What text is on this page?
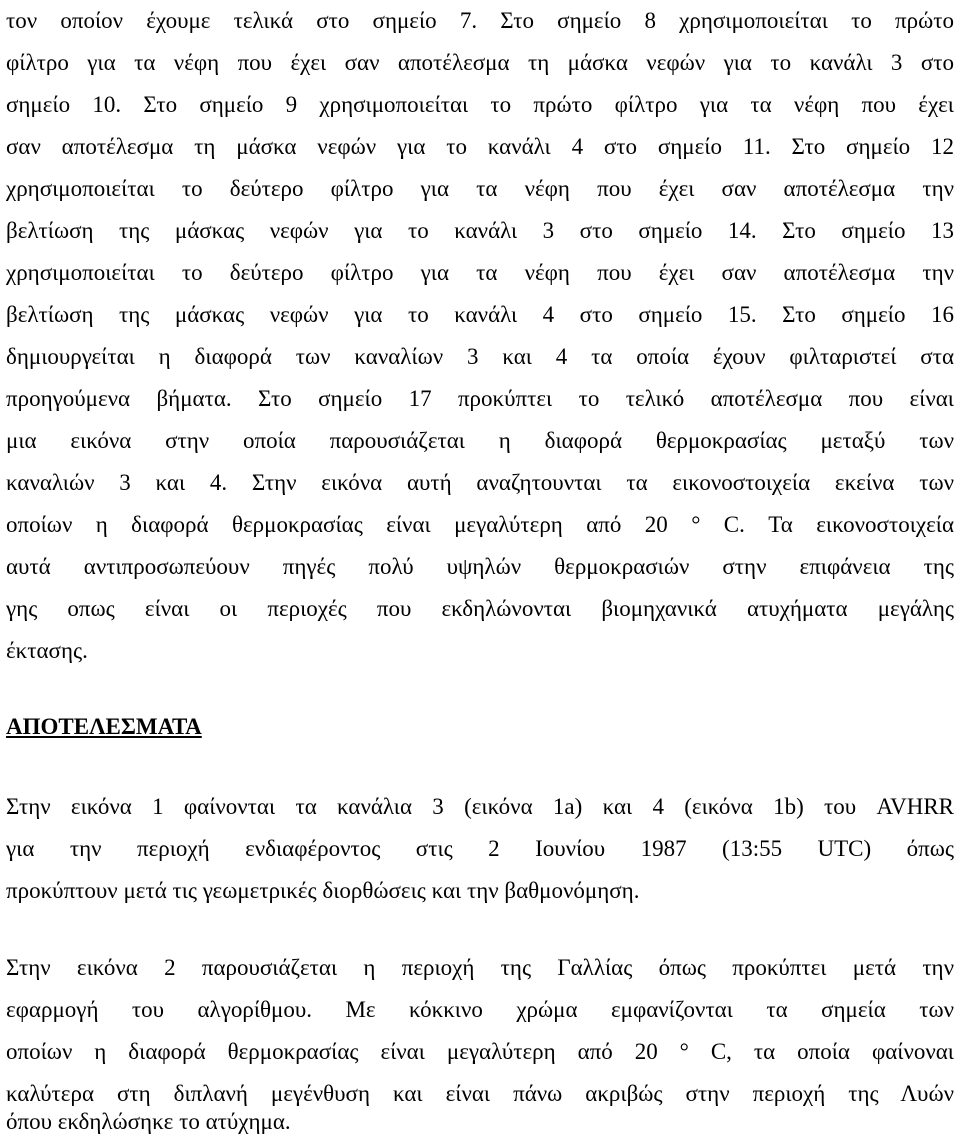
τον οποίον έχουμε τελικά στο σημείο 7. Στο σημείο 8 χρησιμοποιείται το πρώτο
φίλτρο για τα νέφη που έχει σαν αποτέλεσμα τη μάσκα νεφών για το κανάλι 3 στο
σημείο 10. Στο σημείο 9 χρησιμοποιείται το πρώτο φίλτρο για τα νέφη που έχει
σαν αποτέλεσμα τη μάσκα νεφών για το κανάλι 4 στο σημείο 11. Στο σημείο 12
χρησιμοποιείται το δεύτερο φίλτρο για τα νέφη που έχει σαν αποτέλεσμα την
βελτίωση της μάσκας νεφών για το κανάλι 3 στο σημείο 14. Στο σημείο 13
χρησιμοποιείται το δεύτερο φίλτρο για τα νέφη που έχει σαν αποτέλεσμα την
βελτίωση της μάσκας νεφών για το κανάλι 4 στο σημείο 15. Στο σημείο 16
δημιουργείται η διαφορά των καναλίων 3 και 4 τα οποία έχουν φιλταριστεί στα
προηγούμενα βήματα. Στο σημείο 17 προκύπτει το τελικό αποτέλεσμα που είναι
μια εικόνα στην οποία παρουσιάζεται η διαφορά θερμοκρασίας μεταξύ των
καναλιών 3 και 4. Στην εικόνα αυτή αναζητουνται τα εικονοστοιχεία εκείνα των
οποίων η διαφορά θερμοκρασίας είναι μεγαλύτερη από 20 ° C. Τα εικονοστοιχεία
αυτά αντιπροσωπεύουν πηγές πολύ υψηλών θερμοκρασιών στην επιφάνεια της
γης οπως είναι οι περιοχές που εκδηλώνονται βιομηχανικά ατυχήματα μεγάλης
έκτασης.
ΑΠΟΤΕΛΕΣΜΑΤΑ
Στην εικόνα 1 φαίνονται τα κανάλια 3 (εικόνα 1a) και 4 (εικόνα 1b) του AVHRR
για την περιοχή ενδιαφέροντος στις 2 Ιουνίου 1987 (13:55 UTC) όπως
προκύπτουν μετά τις γεωμετρικές διορθώσεις και την βαθμονόμηση.
Στην εικόνα 2 παρουσιάζεται η περιοχή της Γαλλίας όπως προκύπτει μετά την
εφαρμογή του αλγορίθμου. Με κόκκινο χρώμα εμφανίζονται τα σημεία των
οποίων η διαφορά θερμοκρασίας είναι μεγαλύτερη από 20 ° C, τα οποία φαίνοναι
καλύτερα στη διπλανή μεγένθυση και είναι πάνω ακριβώς στην περιοχή της Λυών
όπου εκδηλώσηκε το ατύχημα.
